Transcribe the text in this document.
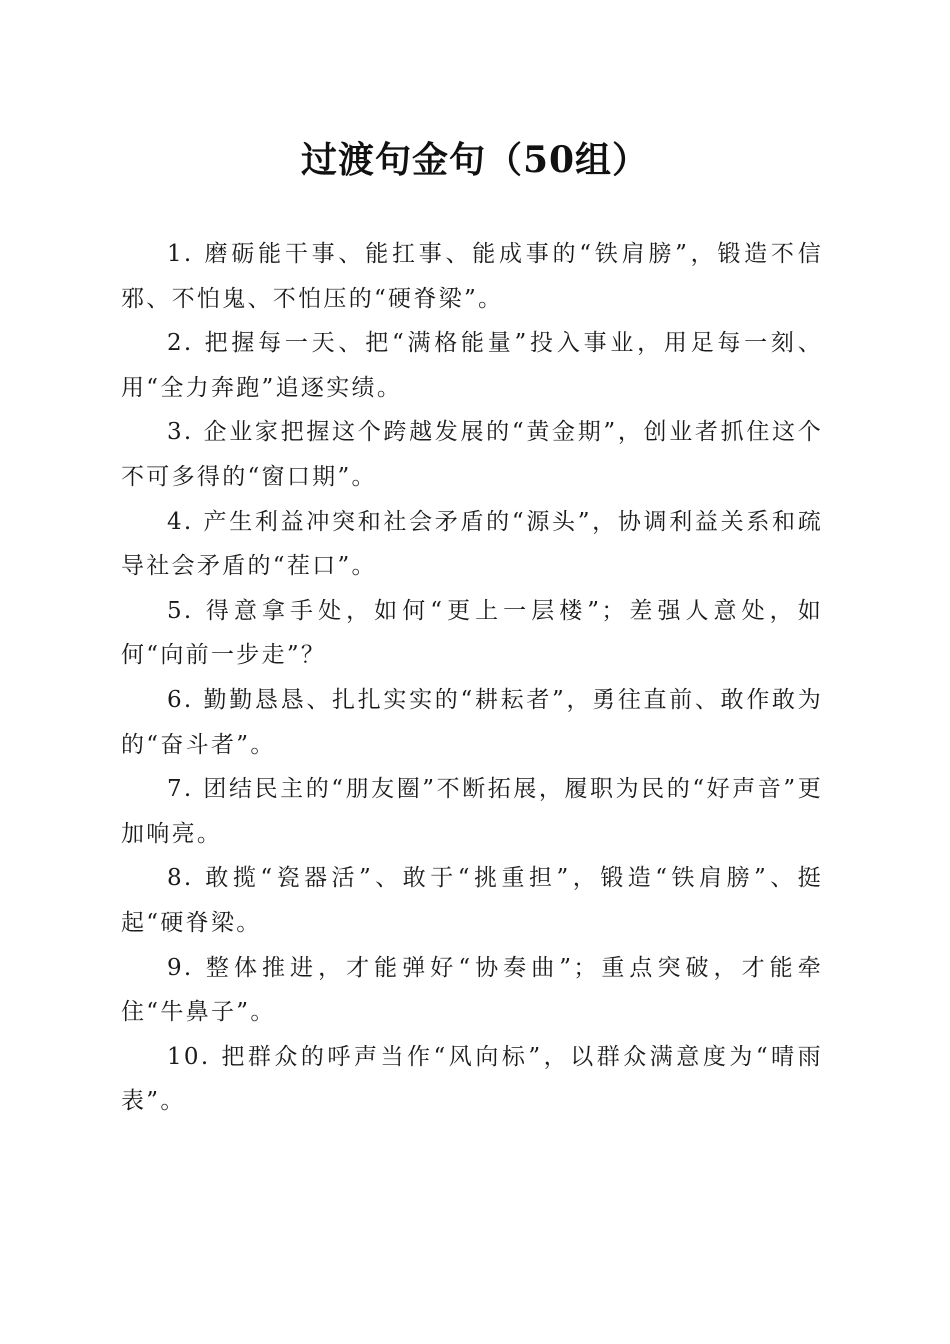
过渡句金句（50组）

1. 磨砺能干事、能扛事、能成事的“铁肩膀”，锻造不信邪、不怕鬼、不怕压的“硬脊梁”。

2. 把握每一天、把“满格能量”投入事业，用足每一刻、用“全力奔跑”追逐实绩。

3. 企业家把握这个跨越发展的“黄金期”，创业者抓住这个不可多得的“窗口期”。

4. 产生利益冲突和社会矛盾的“源头”，协调利益关系和疏导社会矛盾的“茬口”。

5. 得意拿手处，如何“更上一层楼”；差强人意处，如何“向前一步走”？

6. 勤勤恳恳、扎扎实实的“耕耘者”，勇往直前、敢作敢为的“奋斗者”。

7. 团结民主的“朋友圈”不断拓展，履职为民的“好声音”更加响亮。

8. 敢揽“瓷器活”、敢于“挑重担”，锻造“铁肩膀”、挺起“硬脊梁。

9. 整体推进，才能弹好“协奏曲”；重点突破，才能牵住“牛鼻子”。

10. 把群众的呼声当作“风向标”，以群众满意度为“晴雨表”。
